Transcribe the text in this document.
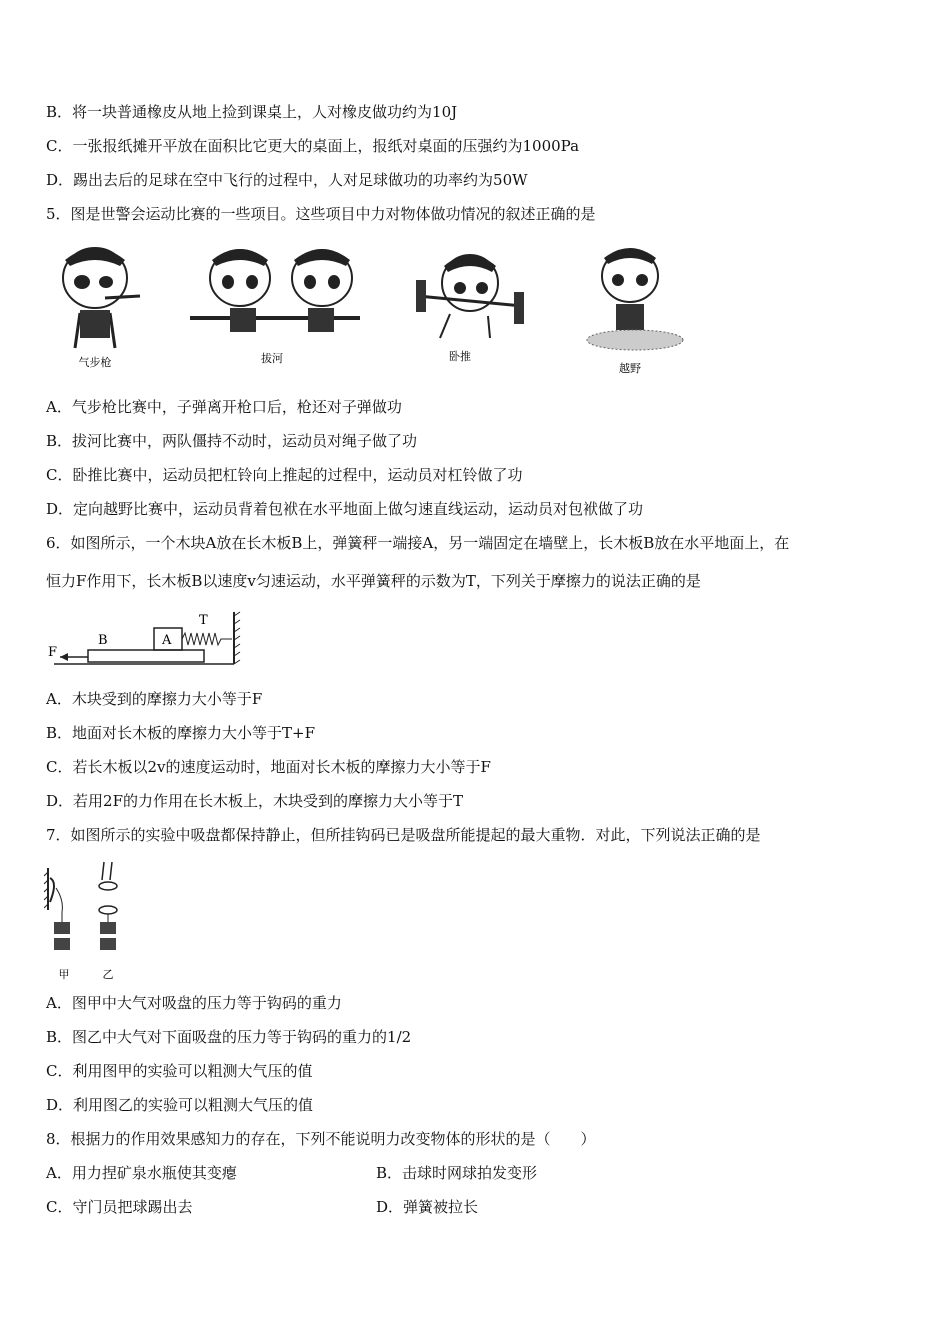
B．将一块普通橡皮从地上捡到课桌上，人对橡皮做功约为10J
C．一张报纸摊开平放在面积比它更大的桌面上，报纸对桌面的压强约为1000Pa
D．踢出去后的足球在空中飞行的过程中，人对足球做功的功率约为50W
5．图是世警会运动比赛的一些项目。这些项目中力对物体做功情况的叙述正确的是
气步枪	拔河	卧推
越野
A．气步枪比赛中，子弹离开枪口后，枪还对子弹做功
B．拔河比赛中，两队僵持不动时，运动员对绳子做了功
C．卧推比赛中，运动员把杠铃向上推起的过程中，运动员对杠铃做了功
D．定向越野比赛中，运动员背着包袱在水平地面上做匀速直线运动，运动员对包袱做了功
6．如图所示，一个木块A放在长木板B上，弹簧秤一端接A，另一端固定在墙壁上，长木板B放在水平地面上，在
恒力F作用下，长木板B以速度v匀速运动，水平弹簧秤的示数为T，下列关于摩擦力的说法正确的是
F
B	A
T
A．木块受到的摩擦力大小等于F
B．地面对长木板的摩擦力大小等于T+F
C．若长木板以2v的速度运动时，地面对长木板的摩擦力大小等于F
D．若用2F的力作用在长木板上，木块受到的摩擦力大小等于T
7．如图所示的实验中吸盘都保持静止，但所挂钩码已是吸盘所能提起的最大重物．对此，下列说法正确的是
甲	乙
A．图甲中大气对吸盘的压力等于钩码的重力
B．图乙中大气对下面吸盘的压力等于钩码的重力的1/2
C．利用图甲的实验可以粗测大气压的值
D．利用图乙的实验可以粗测大气压的值
8．根据力的作用效果感知力的存在，下列不能说明力改变物体的形状的是（　　）
A．用力捏矿泉水瓶使其变瘪	B．击球时网球拍发变形
C．守门员把球踢出去	D．弹簧被拉长
